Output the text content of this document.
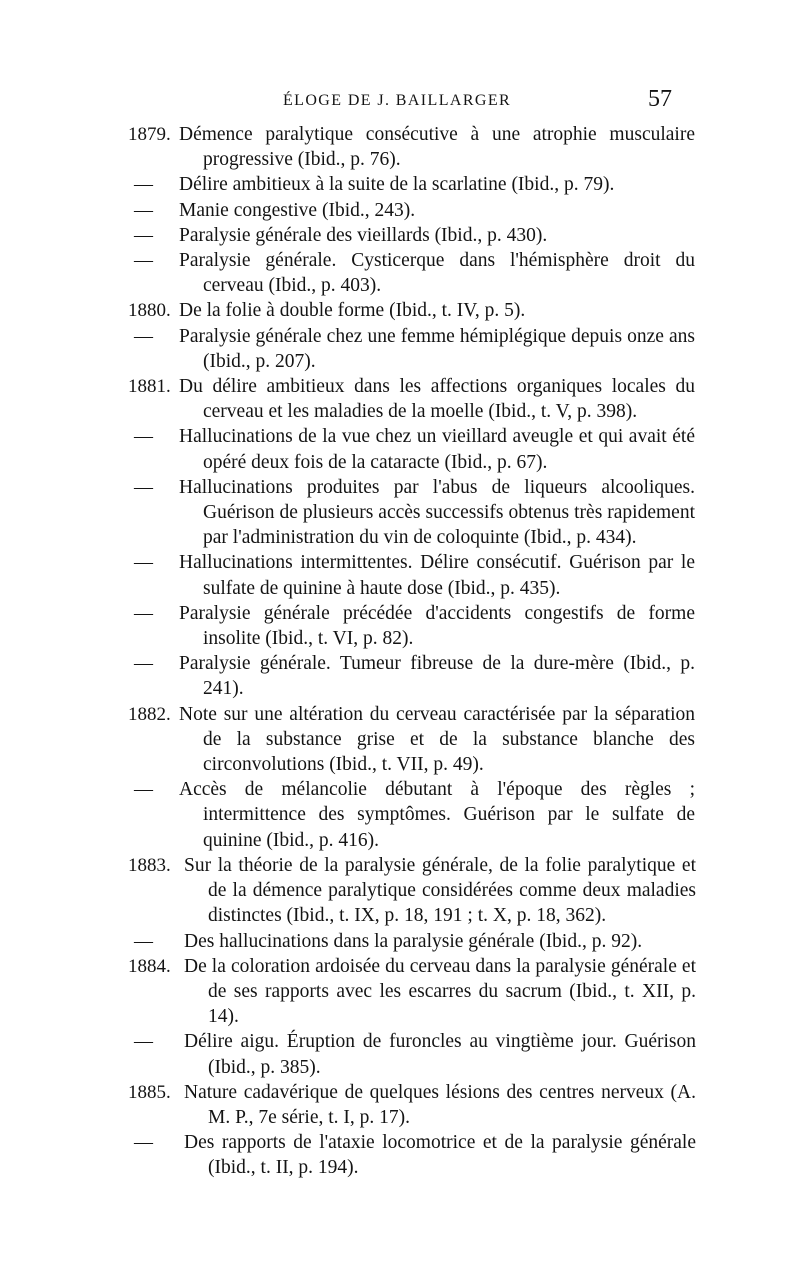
ÉLOGE DE J. BAILLARGER	57
1879. Démence paralytique consécutive à une atrophie musculaire progressive (Ibid., p. 76).
—	Délire ambitieux à la suite de la scarlatine (Ibid., p. 79).
—	Manie congestive (Ibid., 243).
—	Paralysie générale des vieillards (Ibid., p. 430).
—	Paralysie générale. Cysticerque dans l'hémisphère droit du cerveau (Ibid., p. 403).
1880. De la folie à double forme (Ibid., t. IV, p. 5).
—	Paralysie générale chez une femme hémiplégique depuis onze ans (Ibid., p. 207).
1881. Du délire ambitieux dans les affections organiques locales du cerveau et les maladies de la moelle (Ibid., t. V, p. 398).
—	Hallucinations de la vue chez un vieillard aveugle et qui avait été opéré deux fois de la cataracte (Ibid., p. 67).
—	Hallucinations produites par l'abus de liqueurs alcooliques. Guérison de plusieurs accès successifs obtenus très rapidement par l'administration du vin de coloquinte (Ibid., p. 434).
—	Hallucinations intermittentes. Délire consécutif. Guérison par le sulfate de quinine à haute dose (Ibid., p. 435).
—	Paralysie générale précédée d'accidents congestifs de forme insolite (Ibid., t. VI, p. 82).
—	Paralysie générale. Tumeur fibreuse de la dure-mère (Ibid., p. 241).
1882. Note sur une altération du cerveau caractérisée par la séparation de la substance grise et de la substance blanche des circonvolutions (Ibid., t. VII, p. 49).
—	Accès de mélancolie débutant à l'époque des règles ; intermittence des symptômes. Guérison par le sulfate de quinine (Ibid., p. 416).
1883. Sur la théorie de la paralysie générale, de la folie paralytique et de la démence paralytique considérées comme deux maladies distinctes (Ibid., t. IX, p. 18, 191 ; t. X, p. 18, 362).
—	Des hallucinations dans la paralysie générale (Ibid., p. 92).
1884. De la coloration ardoisée du cerveau dans la paralysie générale et de ses rapports avec les escarres du sacrum (Ibid., t. XII, p. 14).
—	Délire aigu. Éruption de furoncles au vingtième jour. Guérison (Ibid., p. 385).
1885. Nature cadavérique de quelques lésions des centres nerveux (A. M. P., 7e série, t. I, p. 17).
—	Des rapports de l'ataxie locomotrice et de la paralysie générale (Ibid., t. II, p. 194).
